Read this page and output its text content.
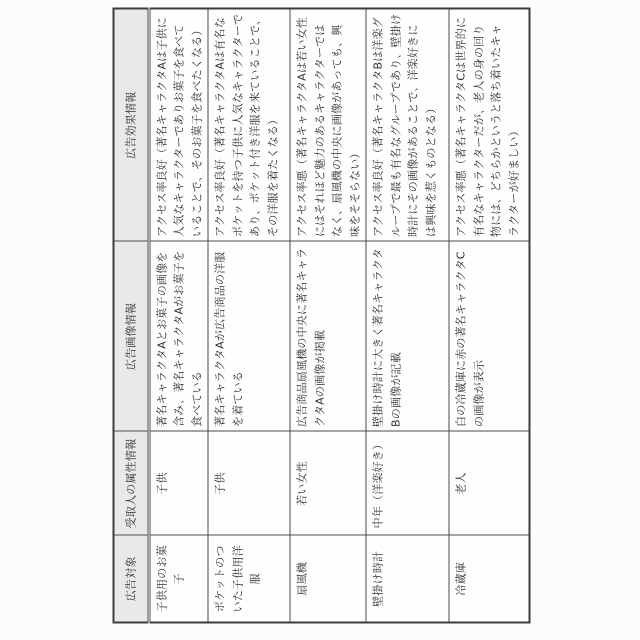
広告対象	受取人の属性情報	広告画像情報	広告効果情報
子供用のお菓子	子供	著名キャラクタAとお菓子の画像を含み、著名キャラクタAがお菓子を食べている	アクセス率良好（著名キャラクタAは子供に人気なキャラクターでありお菓子を食べていることで、そのお菓子を食べたくなる）
ポケットのついた子供用洋服	子供	著名キャラクタAが広告商品の洋服を着ている	アクセス率良好（著名キャラクタAは有名なポケットを持つ子供に人気なキャラクターであり、ポケット付き洋服を来ていることで、その洋服を着たくなる）
扇風機	若い女性	広告商品扇風機の中央に著名キャラクタAの画像が掲載	アクセス率悪（著名キャラクタAは若い女性にはそれほど魅力のあるキャラクターではなく、扇風機の中央に画像があっても、興味をそそらない）
壁掛け時計	中年（洋楽好き）	壁掛け時計に大きく著名キャラクタBの画像が記載	アクセス率良好（著名キャラクタBは洋楽グループで最も有名なグループであり、壁掛け時計にその画像があることで、洋楽好きには興味を惹くものとなる）
冷蔵庫	老人	白の冷蔵庫に赤の著名キャラクタCの画像が表示	アクセス率悪（著名キャラクタCは世界的に有名なキャラクターだが、老人の身の回り物には、どちらかというと落ち着いたキャラクターが好ましい）
